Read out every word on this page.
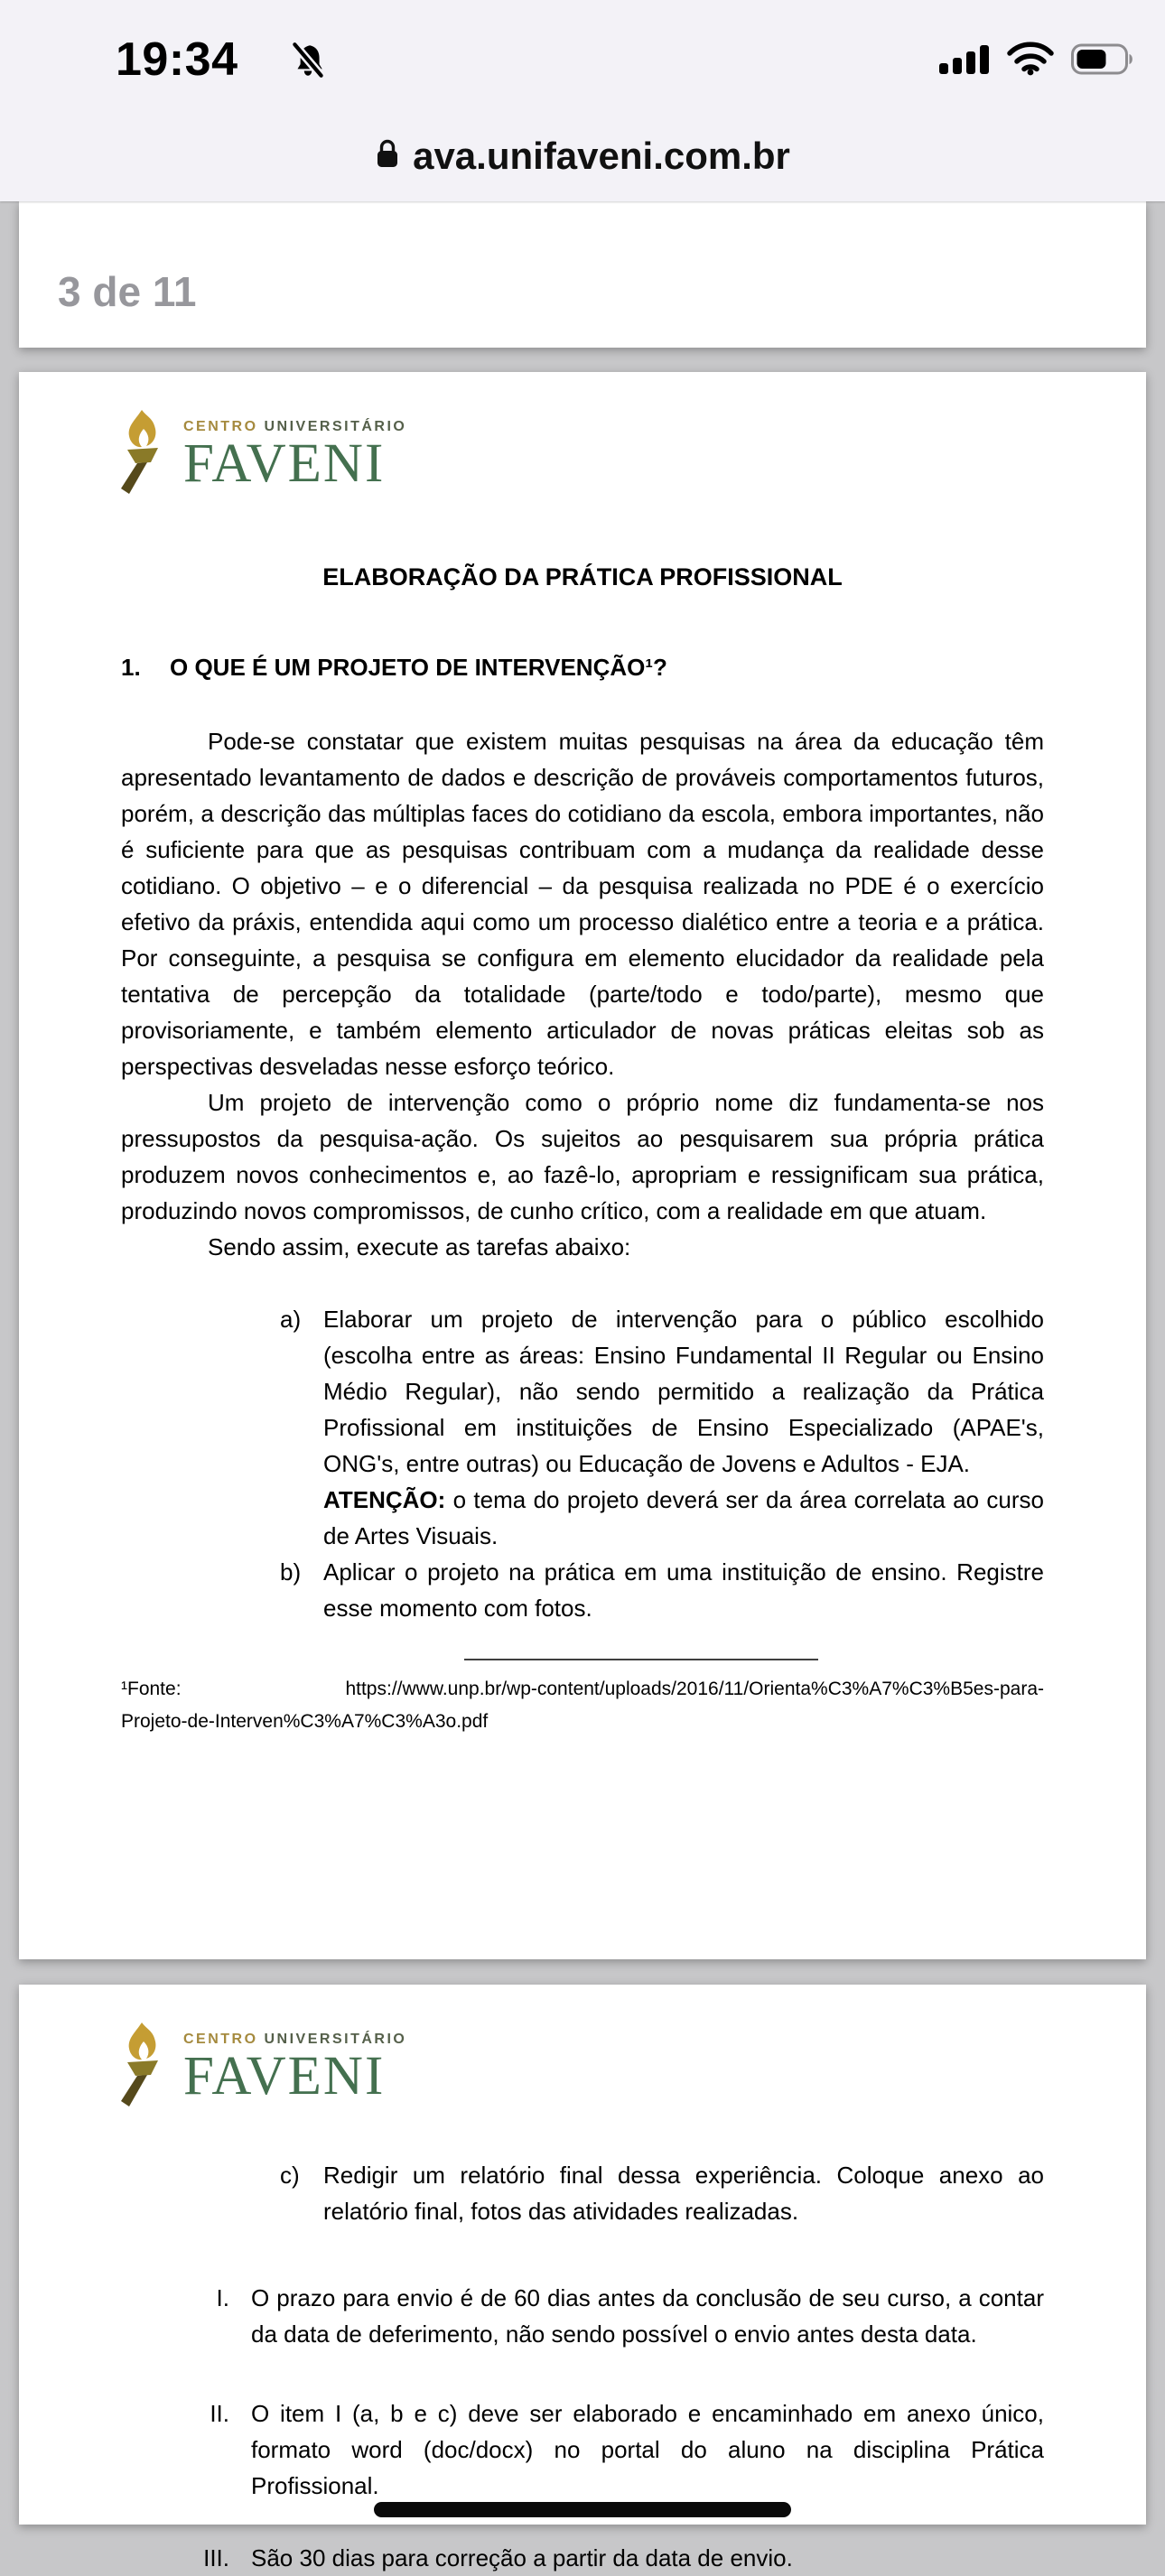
3 de 11
CENTRO UNIVERSITÁRIO
FAVENI
ELABORAÇÃO DA PRÁTICA PROFISSIONAL
1.	O QUE É UM PROJETO DE INTERVENÇÃO¹?

Pode-se constatar que existem muitas pesquisas na área da educação têm apresentado levantamento de dados e descrição de prováveis comportamentos futuros, porém, a descrição das múltiplas faces do cotidiano da escola, embora importantes, não é suficiente para que as pesquisas contribuam com a mudança da realidade desse cotidiano. O objetivo – e o diferencial – da pesquisa realizada no PDE é o exercício efetivo da práxis, entendida aqui como um processo dialético entre a teoria e a prática. Por conseguinte, a pesquisa se configura em elemento elucidador da realidade pela tentativa de percepção da totalidade (parte/todo e todo/parte), mesmo que provisoriamente, e também elemento articulador de novas práticas eleitas sob as perspectivas desveladas nesse esforço teórico.

Um projeto de intervenção como o próprio nome diz fundamenta-se nos pressupostos da pesquisa-ação. Os sujeitos ao pesquisarem sua própria prática produzem novos conhecimentos e, ao fazê-lo, apropriam e ressignificam sua prática, produzindo novos compromissos, de cunho crítico, com a realidade em que atuam.

Sendo assim, execute as tarefas abaixo:

a) Elaborar um projeto de intervenção para o público escolhido (escolha entre as áreas: Ensino Fundamental II Regular ou Ensino Médio Regular), não sendo permitido a realização da Prática Profissional em instituições de Ensino Especializado (APAE's, ONG's, entre outras) ou Educação de Jovens e Adultos - EJA.
ATENÇÃO: o tema do projeto deverá ser da área correlata ao curso de Artes Visuais.
b) Aplicar o projeto na prática em uma instituição de ensino. Registre esse momento com fotos.
¹Fonte:	https://www.unp.br/wp-content/uploads/2016/11/Orienta%C3%A7%C3%B5es-para-
Projeto-de-Interven%C3%A7%C3%A3o.pdf
CENTRO UNIVERSITÁRIO
FAVENI
c)	Redigir um relatório final dessa experiência. Coloque anexo ao relatório final, fotos das atividades realizadas.
I. O prazo para envio é de 60 dias antes da conclusão de seu curso, a contar da data de deferimento, não sendo possível o envio antes desta data.
II. O item I (a, b e c) deve ser elaborado e encaminhado em anexo único, formato word (doc/docx) no portal do aluno na disciplina Prática Profissional.
III. São 30 dias para correção a partir da data de envio.
19:34
ava.unifaveni.com.br
